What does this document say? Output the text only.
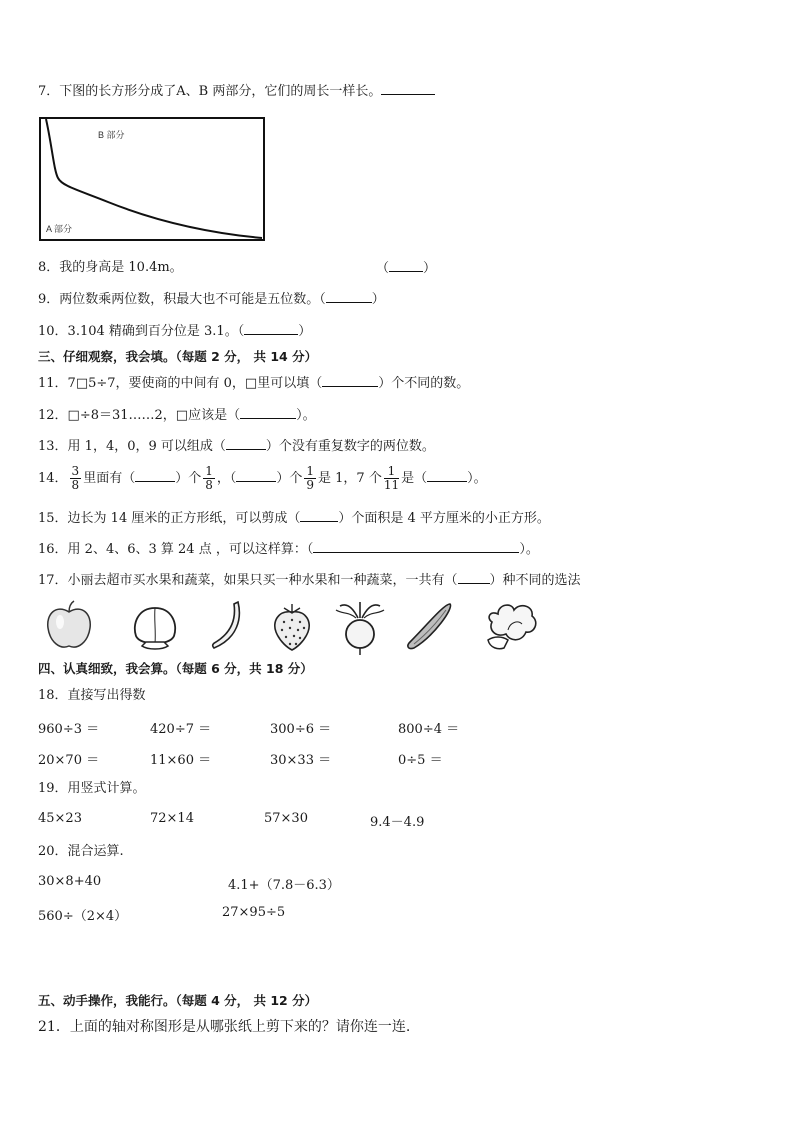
7．下图的长方形分成了A、B 两部分，它们的周长一样长。
B 部分
A 部分
8．我的身高是 10.4m。	（	）
9．两位数乘两位数，积最大也不可能是五位数。（	）
10．3.104 精确到百分位是 3.1。（	）
三、仔细观察，我会填。（每题 2 分， 共 14 分）
11．7□5÷7，要使商的中间有 0，□里可以填（	）个不同的数。
12．□÷8＝31……2，□应该是（	）。
13．用 1，4，0，9 可以组成（	）个没有重复数字的两位数。
14． $\frac{3}{8}$ 里面有（	）个 $\frac{1}{8}$ ，（	）个 $\frac{1}{9}$ 是 1，7 个 $\frac{1}{11}$ 是（	）。
15．边长为 14 厘米的正方形纸，可以剪成（	）个面积是 4 平方厘米的小正方形。
16．用 2、4、6、3 算 24 点 ，可以这样算：（	）。
17．小丽去超市买水果和蔬菜，如果只买一种水果和一种蔬菜，一共有（ ）种不同的选法
四、认真细致，我会算。（每题 6 分，共 18 分）
18．直接写出得数
960÷3 ＝	420÷7 ＝	300÷6 ＝	800÷4 ＝
20×70 ＝	11×60 ＝	30×33 ＝	0÷5 ＝
19．用竖式计算。
45×23	72×14	57×30	9.4－4.9
20．混合运算.
30×8+40	4.1+（7.8－6.3）
560÷（2×4）	27×95÷5
五、动手操作，我能行。（每题 4 分， 共 12 分）
21．上面的轴对称图形是从哪张纸上剪下来的？请你连一连.
